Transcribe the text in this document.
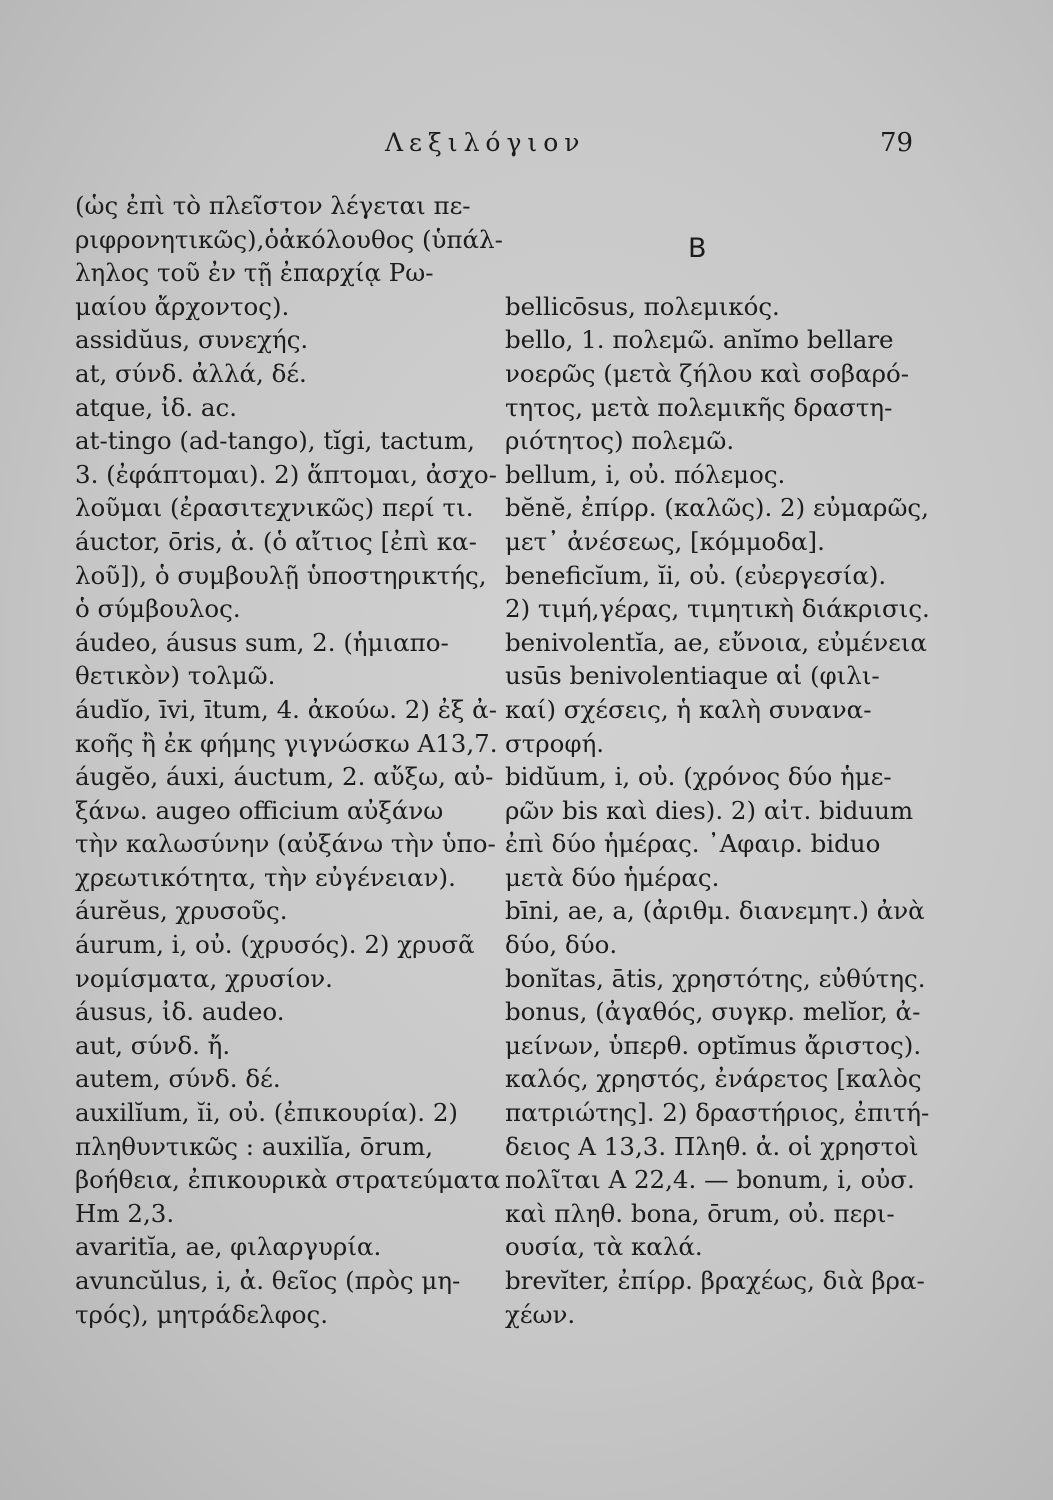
Λεξιλόγιον	79
(ὡς ἐπὶ τὸ πλεῖστον λέγεται πε-
ριφρονητικῶς),ὁἀκόλουθος (ὑπάλ-
ληλος τοῦ ἐν τῇ ἐπαρχίᾳ Ρω-
μαίου ἄρχοντος).
assidŭus, συνεχής.
at, σύνδ. ἀλλά, δέ.
atque, ἰδ. ac.
at-tingo (ad-tango), tĭgi, tactum,
3. (ἐφάπτομαι). 2) ἅπτομαι, ἀσχο-
λοῦμαι (ἐρασιτεχνικῶς) περί τι.
áuctor, ōris, ἀ. (ὁ αἴτιος [ἐπὶ κα-
λοῦ]), ὁ συμβουλῇ ὑποστηρικτής,
ὁ σύμβουλος.
áudeo, áusus sum, 2. (ἡμιαπο-
θετικὸν) τολμῶ.
áudĭo, īvi, ītum, 4. ἀκούω. 2) ἐξ ἀ-
κοῆς ἢ ἐκ φήμης γιγνώσκω A13,7.
áugĕo, áuxi, áuctum, 2. αὔξω, αὐ-
ξάνω. augeo officium αὐξάνω
τὴν καλωσύνην (αὐξάνω τὴν ὑπο-
χρεωτικότητα, τὴν εὐγένειαν).
áurĕus, χρυσοῦς.
áurum, i, οὐ. (χρυσός). 2) χρυσᾶ
νομίσματα, χρυσίον.
áusus, ἰδ. audeo.
aut, σύνδ. ἤ.
autem, σύνδ. δέ.
auxilĭum, ĭi, οὐ. (ἐπικουρία). 2)
πληθυντικῶς : auxilĭa, ōrum,
βοήθεια, ἐπικουρικὰ στρατεύματα
Hm 2,3.
avaritĭa, ae, φιλαργυρία.
avuncŭlus, i, ἀ. θεῖος (πρὸς μη-
τρός), μητράδελφος.
B
bellicōsus, πολεμικός.
bello, 1. πολεμῶ. anĭmo bellare
νοερῶς (μετὰ ζήλου καὶ σοβαρό-
τητος, μετὰ πολεμικῆς δραστη-
ριότητος) πολεμῶ.
bellum, i, οὐ. πόλεμος.
bĕnĕ, ἐπίρρ. (καλῶς). 2) εὐμαρῶς,
μετ᾽ ἀνέσεως, [κόμμοδα].
beneficĭum, ĭi, οὐ. (εὐεργεσία).
2) τιμή,γέρας, τιμητικὴ διάκρισις.
benivolentĭa, ae, εὔνοια, εὐμένεια
usūs benivolentiaque αἱ (φιλι-
καί) σχέσεις, ἡ καλὴ συνανα-
στροφή.
bidŭum, i, οὐ. (χρόνος δύο ἡμε-
ρῶν bis καὶ dies). 2) αἰτ. biduum
ἐπὶ δύο ἡμέρας. ᾿Αφαιρ. biduo
μετὰ δύο ἡμέρας.
bīni, ae, a, (ἀριθμ. διανεμητ.) ἀνὰ
δύο, δύο.
bonĭtas, ātis, χρηστότης, εὐθύτης.
bonus, (ἀγαθός, συγκρ. melĭor, ἀ-
μείνων, ὑπερθ. optĭmus ἄριστος).
καλός, χρηστός, ἐνάρετος [καλὸς
πατριώτης]. 2) δραστήριος, ἐπιτή-
δειος A 13,3. Πληθ. ἀ. οἱ χρηστοὶ
πολῖται A 22,4. — bonum, i, οὐσ.
καὶ πληθ. bona, ōrum, οὐ. περι-
ουσία, τὰ καλά.
brevĭter, ἐπίρρ. βραχέως, διὰ βρα-
χέων.
